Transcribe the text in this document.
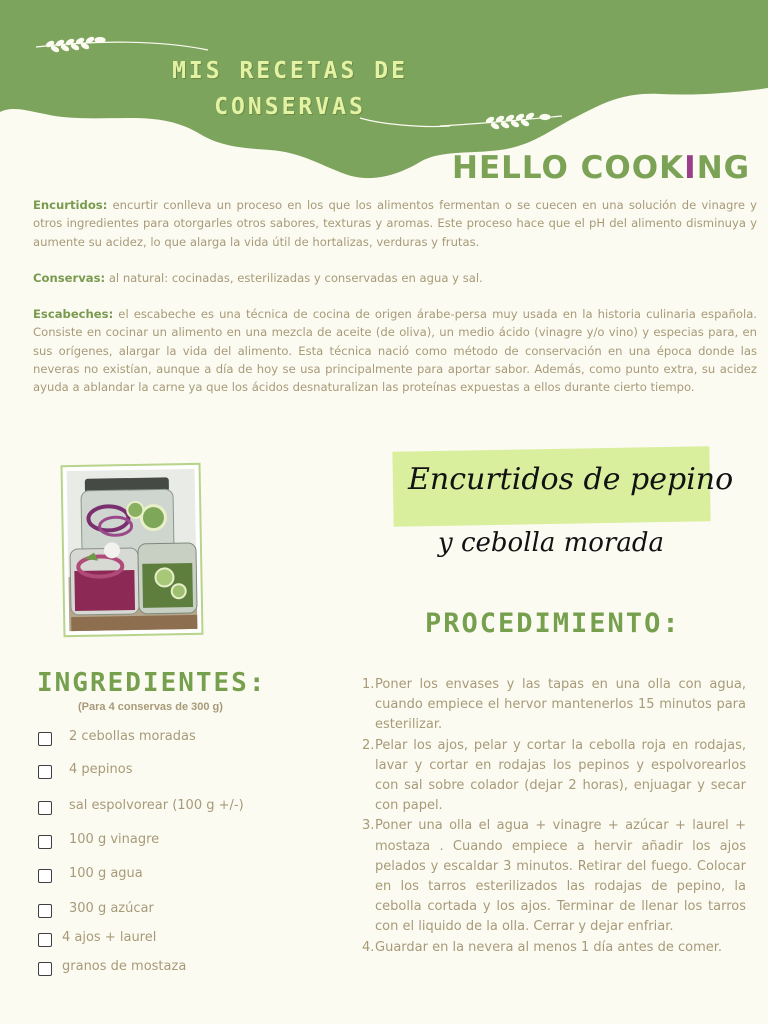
MIS RECETAS DE
CONSERVAS
HELLO COOKING

Encurtidos: encurtir conlleva un proceso en los que los alimentos fermentan o se cuecen en una solución de vinagre y otros ingredientes para otorgarles otros sabores, texturas y aromas. Este proceso hace que el pH del alimento disminuya y aumente su acidez, lo que alarga la vida útil de hortalizas, verduras y frutas.

Conservas: al natural: cocinadas, esterilizadas y conservadas en agua y sal.

Escabeches: el escabeche es una técnica de cocina de origen árabe-persa muy usada en la historia culinaria española. Consiste en cocinar un alimento en una mezcla de aceite (de oliva), un medio ácido (vinagre y/o vino) y especias para, en sus orígenes, alargar la vida del alimento. Esta técnica nació como método de conservación en una época donde las neveras no existían, aunque a día de hoy se usa principalmente para aportar sabor. Además, como punto extra, su acidez ayuda a ablandar la carne ya que los ácidos desnaturalizan las proteínas expuestas a ellos durante cierto tiempo.

Encurtidos de pepino
y cebolla morada
PROCEDIMIENTO:
INGREDIENTES:
(Para 4 conservas de 300 g)
2 cebollas moradas
4 pepinos
sal espolvorear (100 g +/-)
100 g vinagre
100 g agua
300 g azúcar
4 ajos + laurel
granos de mostaza
1. Poner los envases y las tapas en una olla con agua, cuando empiece el hervor mantenerlos 15 minutos para esterilizar.
2. Pelar los ajos, pelar y cortar la cebolla roja en rodajas, lavar y cortar en rodajas los pepinos y espolvorearlos con sal sobre colador (dejar 2 horas), enjuagar y secar con papel.
3. Poner una olla el agua + vinagre + azúcar + laurel + mostaza . Cuando empiece a hervir añadir los ajos pelados y escaldar 3 minutos. Retirar del fuego. Colocar en los tarros esterilizados las rodajas de pepino, la cebolla cortada y los ajos. Terminar de llenar los tarros con el liquido de la olla. Cerrar y dejar enfriar.
4. Guardar en la nevera al menos 1 día antes de comer.
